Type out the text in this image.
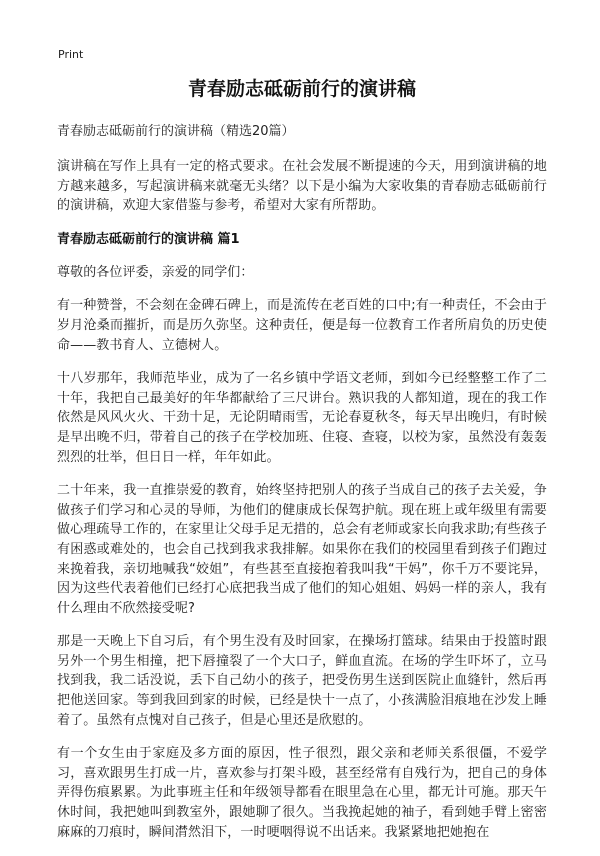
Print
青春励志砥砺前行的演讲稿

青春励志砥砺前行的演讲稿（精选20篇）

演讲稿在写作上具有一定的格式要求。在社会发展不断提速的今天，用到演讲稿的地方越来越多，写起演讲稿来就毫无头绪？以下是小编为大家收集的青春励志砥砺前行的演讲稿，欢迎大家借鉴与参考，希望对大家有所帮助。

青春励志砥砺前行的演讲稿 篇1

尊敬的各位评委，亲爱的同学们：

有一种赞誉，不会刻在金碑石碑上，而是流传在老百姓的口中;有一种责任，不会由于岁月沧桑而摧折，而是历久弥坚。这种责任，便是每一位教育工作者所肩负的历史使命——教书育人、立德树人。

十八岁那年，我师范毕业，成为了一名乡镇中学语文老师，到如今已经整整工作了二十年，我把自己最美好的年华都献给了三尺讲台。熟识我的人都知道，现在的我工作依然是风风火火、干劲十足，无论阴晴雨雪，无论春夏秋冬，每天早出晚归，有时候是早出晚不归，带着自己的孩子在学校加班、住寝、查寝，以校为家，虽然没有轰轰烈烈的壮举，但日日一样，年年如此。

二十年来，我一直推崇爱的教育，始终坚持把别人的孩子当成自己的孩子去关爱，争做孩子们学习和心灵的导师，为他们的健康成长保驾护航。现在班上或年级里有需要做心理疏导工作的，在家里让父母手足无措的，总会有老师或家长向我求助;有些孩子有困惑或难处的，也会自己找到我求我排解。如果你在我们的校园里看到孩子们跑过来挽着我，亲切地喊我“姣姐”，有些甚至直接抱着我叫我“干妈”，你千万不要诧异，因为这些代表着他们已经打心底把我当成了他们的知心姐姐、妈妈一样的亲人，我有什么理由不欣然接受呢?

那是一天晚上下自习后，有个男生没有及时回家，在操场打篮球。结果由于投篮时跟另外一个男生相撞，把下唇撞裂了一个大口子，鲜血直流。在场的学生吓坏了，立马找到我，我二话没说，丢下自己幼小的孩子，把受伤男生送到医院止血缝针，然后再把他送回家。等到我回到家的时候，已经是快十一点了，小孩满脸泪痕地在沙发上睡着了。虽然有点愧对自己孩子，但是心里还是欣慰的。

有一个女生由于家庭及多方面的原因，性子很烈，跟父亲和老师关系很僵，不爱学习，喜欢跟男生打成一片，喜欢参与打架斗殴，甚至经常有自残行为，把自己的身体弄得伤痕累累。为此事班主任和年级领导都看在眼里急在心里，都无计可施。那天午休时间，我把她叫到教室外，跟她聊了很久。当我挽起她的袖子，看到她手臂上密密麻麻的刀痕时，瞬间潸然泪下，一时哽咽得说不出话来。我紧紧地把她抱在
